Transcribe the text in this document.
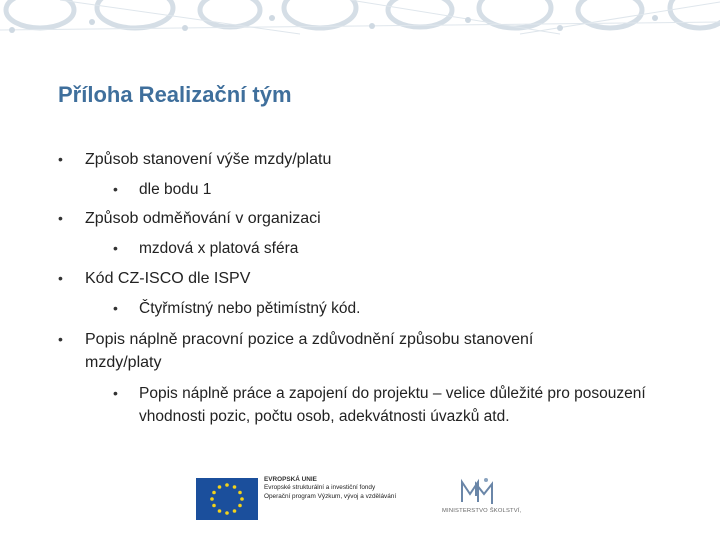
Příloha Realizační tým
• Způsob stanovení výše mzdy/platu
• dle bodu 1
• Způsob odměňování v organizaci
• mzdová x platová sféra
• Kód CZ-ISCO dle ISPV
• Čtyřmístný nebo pětimístný kód.
• Popis náplně pracovní pozice a zdůvodnění způsobu stanovení mzdy/platy
• Popis náplně práce a zapojení do projektu – velice důležité pro posouzení vhodnosti pozic, počtu osob, adekvátnosti úvazků atd.
EVROPSKÁ UNIE
Evropské strukturální a investiční fondy
Operační program Výzkum, vývoj a vzdělávání
MINISTERSTVO ŠKOLSTVÍ,
